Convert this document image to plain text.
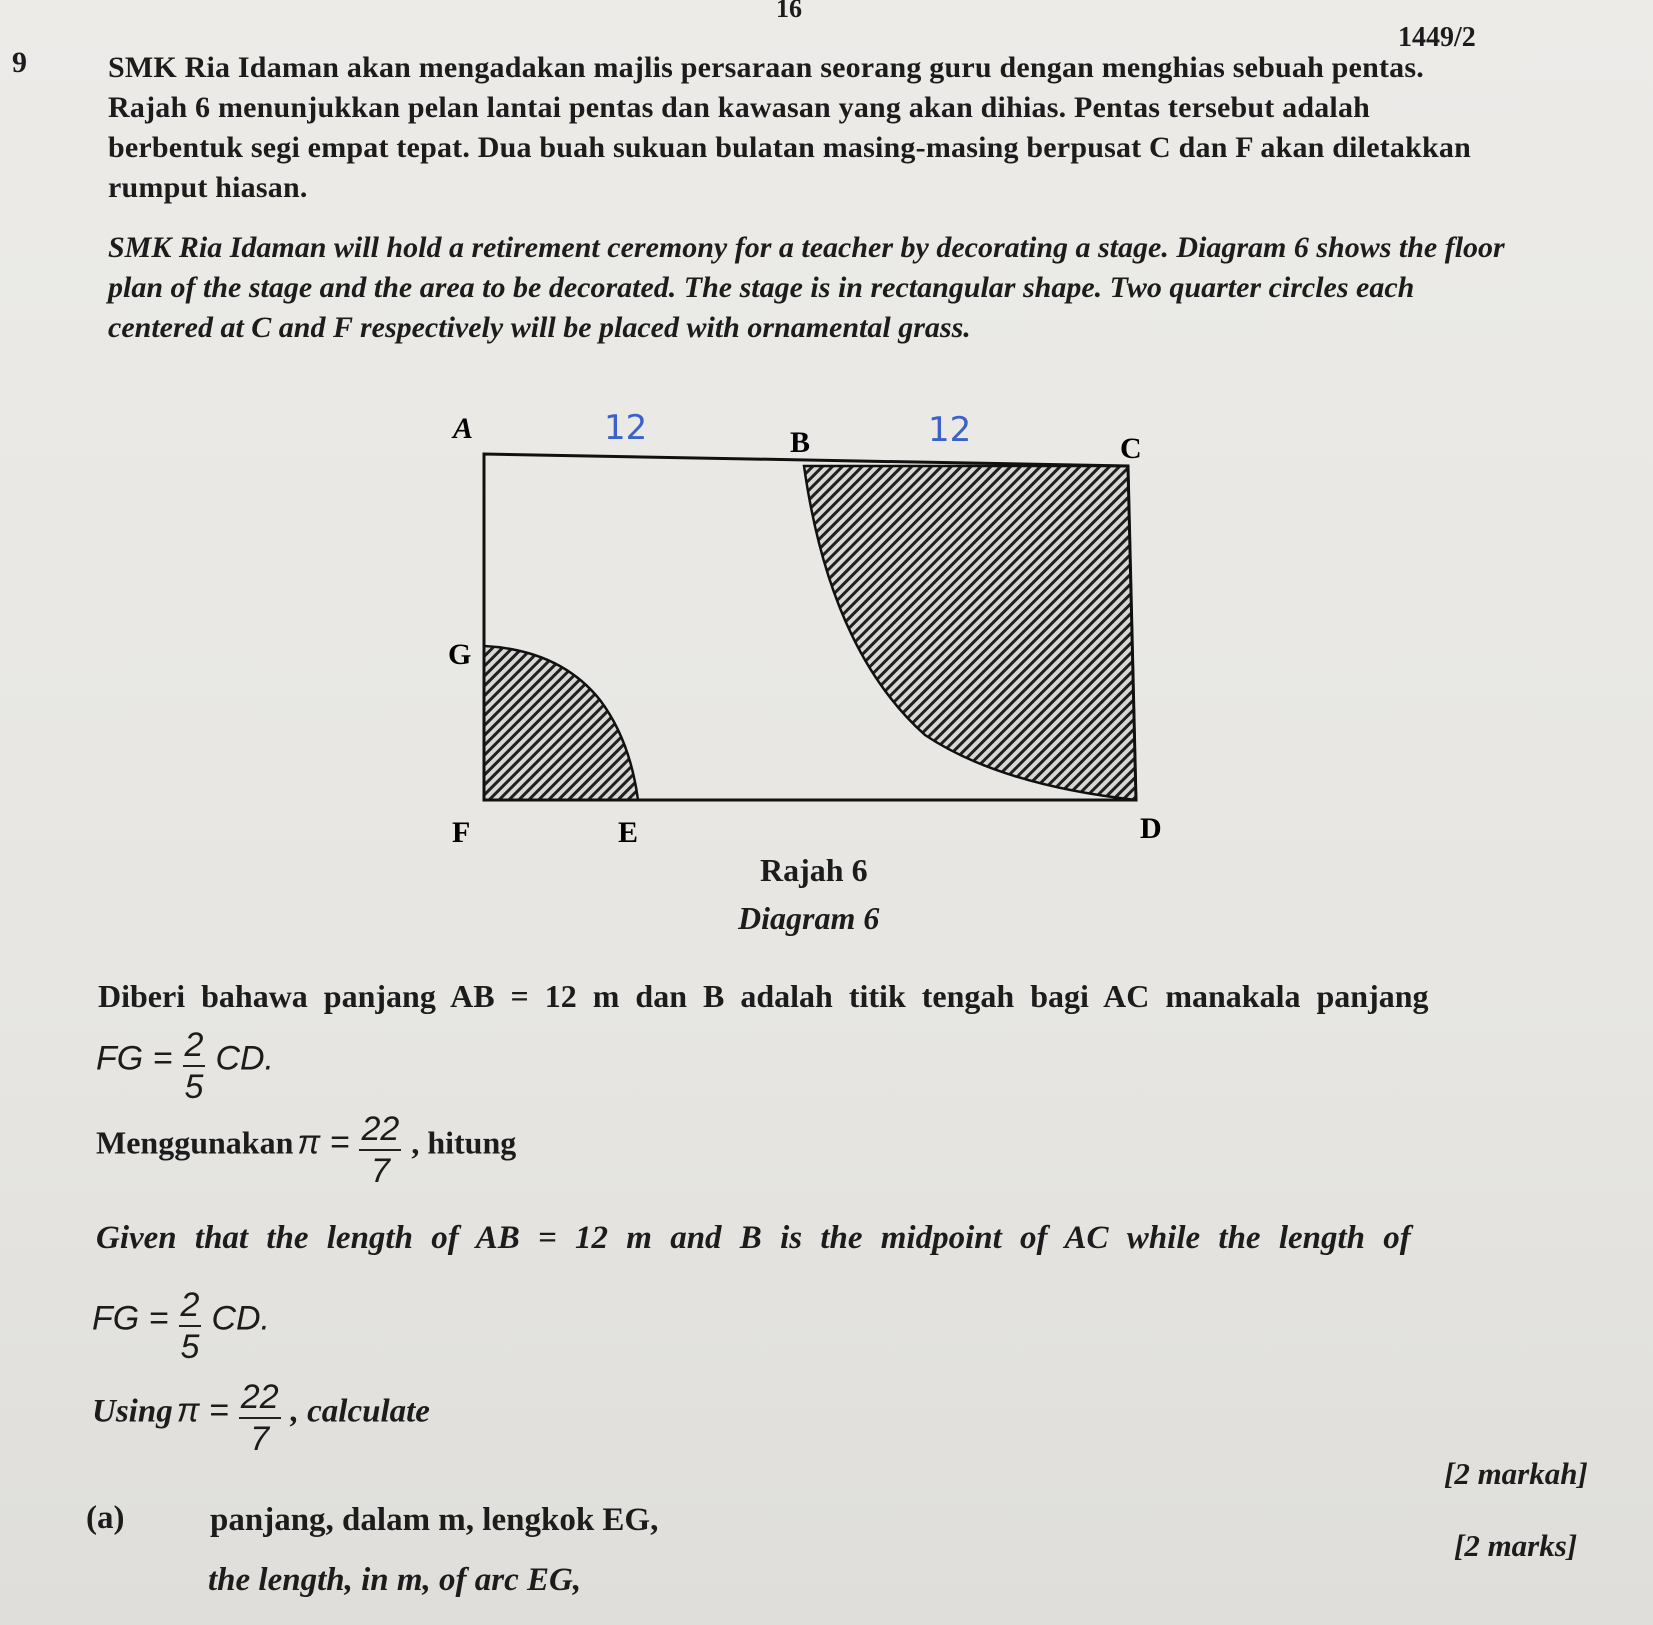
16
1449/2
9	SMK Ria Idaman akan mengadakan majlis persaraan seorang guru dengan menghias sebuah pentas. Rajah 6 menunjukkan pelan lantai pentas dan kawasan yang akan dihias. Pentas tersebut adalah berbentuk segi empat tepat. Dua buah sukuan bulatan masing-masing berpusat C dan F akan diletakkan rumput hiasan.
SMK Ria Idaman will hold a retirement ceremony for a teacher by decorating a stage. Diagram 6 shows the floor plan of the stage and the area to be decorated. The stage is in rectangular shape. Two quarter circles each centered at C and F respectively will be placed with ornamental grass.
A	B	C
G
F	E	D
12	12
Rajah 6
Diagram 6
Diberi bahawa panjang AB = 12 m dan B adalah titik tengah bagi AC manakala panjang
FG = $\frac{2}{5}$ CD.
Menggunakan $\pi = \frac{22}{7}$ , hitung
Given that the length of AB = 12 m and B is the midpoint of AC while the length of
FG = $\frac{2}{5}$ CD.
Using $\pi = \frac{22}{7}$ , calculate
[2 markah]
(a)	panjang, dalam m, lengkok EG,
[2 marks]
the length, in m, of arc EG,
